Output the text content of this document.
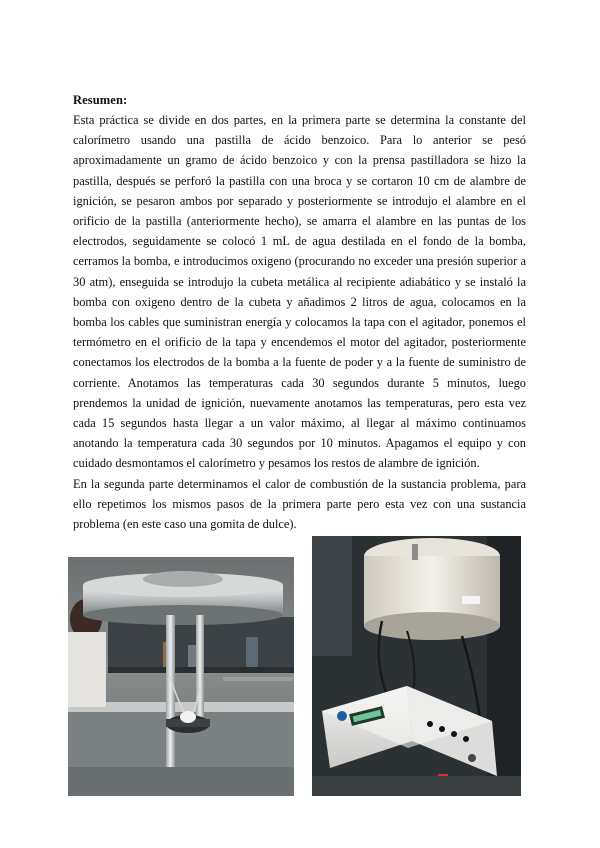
Resumen:

Esta práctica se divide en dos partes, en la primera parte se determina la constante del calorímetro usando una pastilla de ácido benzoico. Para lo anterior se pesó aproximadamente un gramo de ácido benzoico y con la prensa pastilladora se hizo la pastilla, después se perforó la pastilla con una broca y se cortaron 10 cm de alambre de ignición, se pesaron ambos por separado y posteriormente se introdujo el alambre en el orificio de la pastilla (anteriormente hecho), se amarra el alambre en las puntas de los electrodos, seguidamente se colocó 1 mL de agua destilada en el fondo de la bomba, cerramos la bomba, e introducimos oxigeno (procurando no exceder una presión superior a 30 atm), enseguida se introdujo la cubeta metálica al recipiente adiabático y se instaló la bomba con oxigeno dentro de la cubeta y añadimos 2 litros de agua, colocamos en la bomba los cables que suministran energía y colocamos la tapa con el agitador, ponemos el termómetro en el orificio de la tapa y encendemos el motor del agitador, posteriormente conectamos los electrodos de la bomba a la fuente de poder y a la fuente de suministro de corriente. Anotamos las temperaturas cada 30 segundos durante 5 minutos, luego prendemos la unidad de ignición, nuevamente anotamos las temperaturas, pero esta vez cada 15 segundos hasta llegar a un valor máximo, al llegar al máximo continuamos anotando la temperatura cada 30 segundos por 10 minutos. Apagamos el equipo y con cuidado desmontamos el calorímetro y pesamos los restos de alambre de ignición.

En la segunda parte determinamos el calor de combustión de la sustancia problema, para ello repetimos los mismos pasos de la primera parte pero esta vez con una sustancia problema (en este caso una gomita de dulce).
